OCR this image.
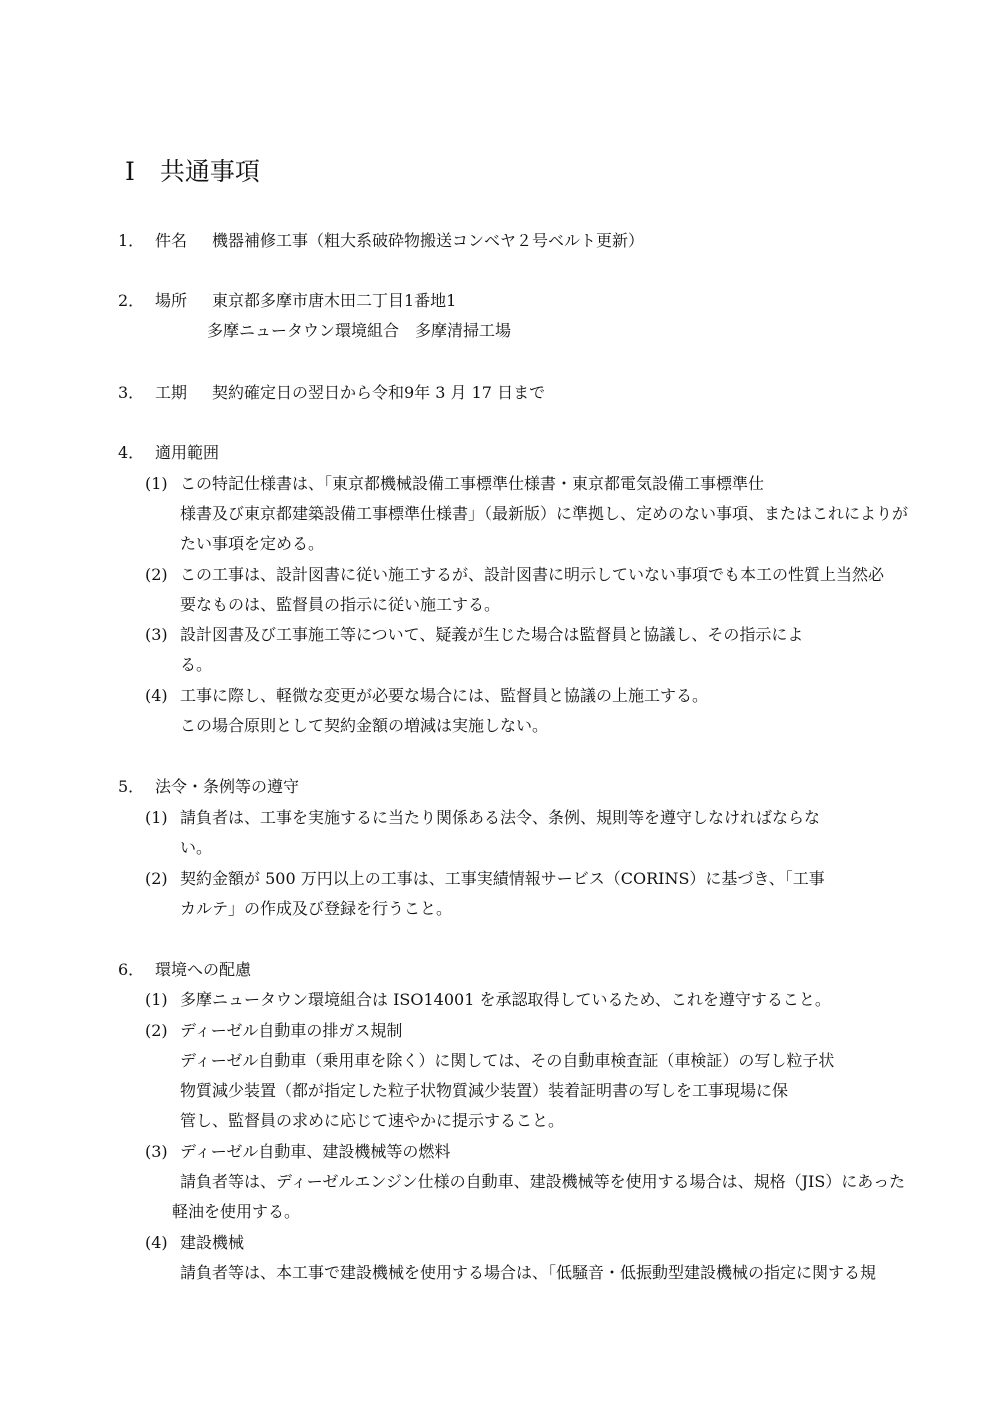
Ⅰ　共通事項
1． 件名 機器補修工事（粗大系破砕物搬送コンベヤ２号ベルト更新）
2． 場所 東京都多摩市唐木田二丁目1番地1
多摩ニュータウン環境組合　多摩清掃工場
3． 工期 契約確定日の翌日から令和9年 3 月 17 日まで
4． 適用範囲
(1) この特記仕様書は、「東京都機械設備工事標準仕様書・東京都電気設備工事標準仕
様書及び東京都建築設備工事標準仕様書」（最新版）に準拠し、定めのない事項、またはこれによりが
たい事項を定める。
(2) この工事は、設計図書に従い施工するが、設計図書に明示していない事項でも本工の性質上当然必
要なものは、監督員の指示に従い施工する。
(3) 設計図書及び工事施工等について、疑義が生じた場合は監督員と協議し、その指示によ
る。
(4) 工事に際し、軽微な変更が必要な場合には、監督員と協議の上施工する。
この場合原則として契約金額の増減は実施しない。
5． 法令・条例等の遵守
(1) 請負者は、工事を実施するに当たり関係ある法令、条例、規則等を遵守しなければならな
い。
(2) 契約金額が 500 万円以上の工事は、工事実績情報サービス（CORINS）に基づき、「工事
カルテ」の作成及び登録を行うこと。
6． 環境への配慮
(1) 多摩ニュータウン環境組合は ISO14001 を承認取得しているため、これを遵守すること。
(2) ディーゼル自動車の排ガス規制
ディーゼル自動車（乗用車を除く）に関しては、その自動車検査証（車検証）の写し粒子状
物質減少装置（都が指定した粒子状物質減少装置）装着証明書の写しを工事現場に保
管し、監督員の求めに応じて速やかに提示すること。
(3) ディーゼル自動車、建設機械等の燃料
請負者等は、ディーゼルエンジン仕様の自動車、建設機械等を使用する場合は、規格（JIS）にあった
軽油を使用する。
(4) 建設機械
請負者等は、本工事で建設機械を使用する場合は、「低騒音・低振動型建設機械の指定に関する規
